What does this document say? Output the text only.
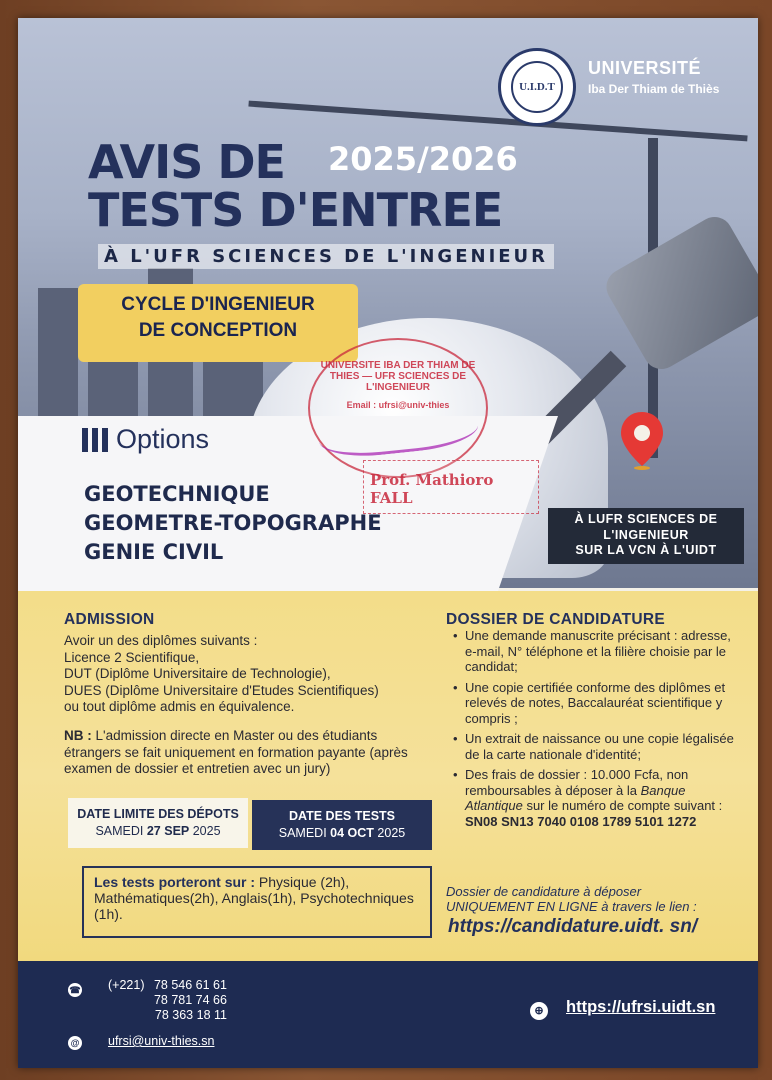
U.I.D.T
UNIVERSITÉ
Iba Der Thiam de Thiès
AVIS DE
TESTS D'ENTREE
2025/2026
À L'UFR SCIENCES DE L'INGENIEUR
CYCLE D'INGENIEUR
DE CONCEPTION
Options
GEOTECHNIQUE
GEOMETRE-TOPOGRAPHE
GENIE CIVIL
À LUFR SCIENCES DE
L'INGENIEUR
SUR LA VCN À L'UIDT
UNIVERSITE IBA DER THIAM DE THIES — UFR SCIENCES DE L'INGENIEUR
Email : ufrsi@univ-thies
Prof. Mathioro FALL
ADMISSION
Avoir un des diplômes suivants :
Licence 2 Scientifique,
DUT (Diplôme Universitaire de Technologie),
DUES (Diplôme Universitaire d'Etudes Scientifiques)
ou tout diplôme admis en équivalence.
NB : L'admission directe en Master ou des étudiants étrangers se fait uniquement en formation payante (après examen de dossier et entretien avec un jury)
DATE LIMITE DES DÉPOTS
SAMEDI 27 SEP 2025
DATE DES TESTS
SAMEDI 04 OCT 2025
Les tests porteront sur : Physique (2h), Mathématiques(2h), Anglais(1h), Psychotechniques (1h).
DOSSIER DE CANDIDATURE
• Une demande manuscrite précisant : adresse, e-mail, N° téléphone et la filière choisie par le candidat;
• Une copie certifiée conforme des diplômes et relevés de notes, Baccalauréat scientifique y compris ;
• Un extrait de naissance ou une copie légalisée de la carte nationale d'identité;
• Des frais de dossier : 10.000 Fcfa, non remboursables à déposer à la Banque Atlantique sur le numéro de compte suivant : SN08 SN13 7040 0108 1789 5101 1272
Dossier de candidature à déposer
UNIQUEMENT EN LIGNE à travers le lien :
https://candidature.uidt. sn/
☎ (+221) 78 546 61 61
78 781 74 66
78 363 18 11
@ ufrsi@univ-thies.sn
⊕ https://ufrsi.uidt.sn
